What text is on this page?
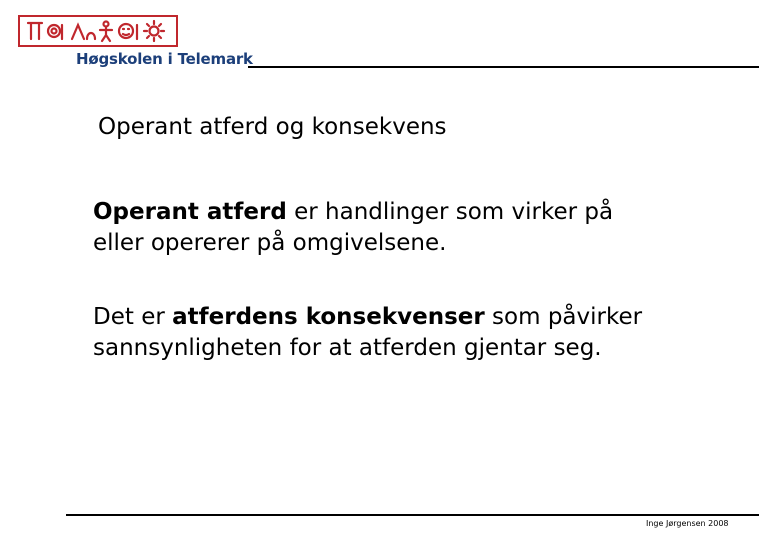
Høgskolen i Telemark
Operant atferd og konsekvens
Operant atferd er handlinger som virker på
eller opererer på omgivelsene.
Det er atferdens konsekvenser som påvirker
sannsynligheten for at atferden gjentar seg.
Inge Jørgensen 2008
